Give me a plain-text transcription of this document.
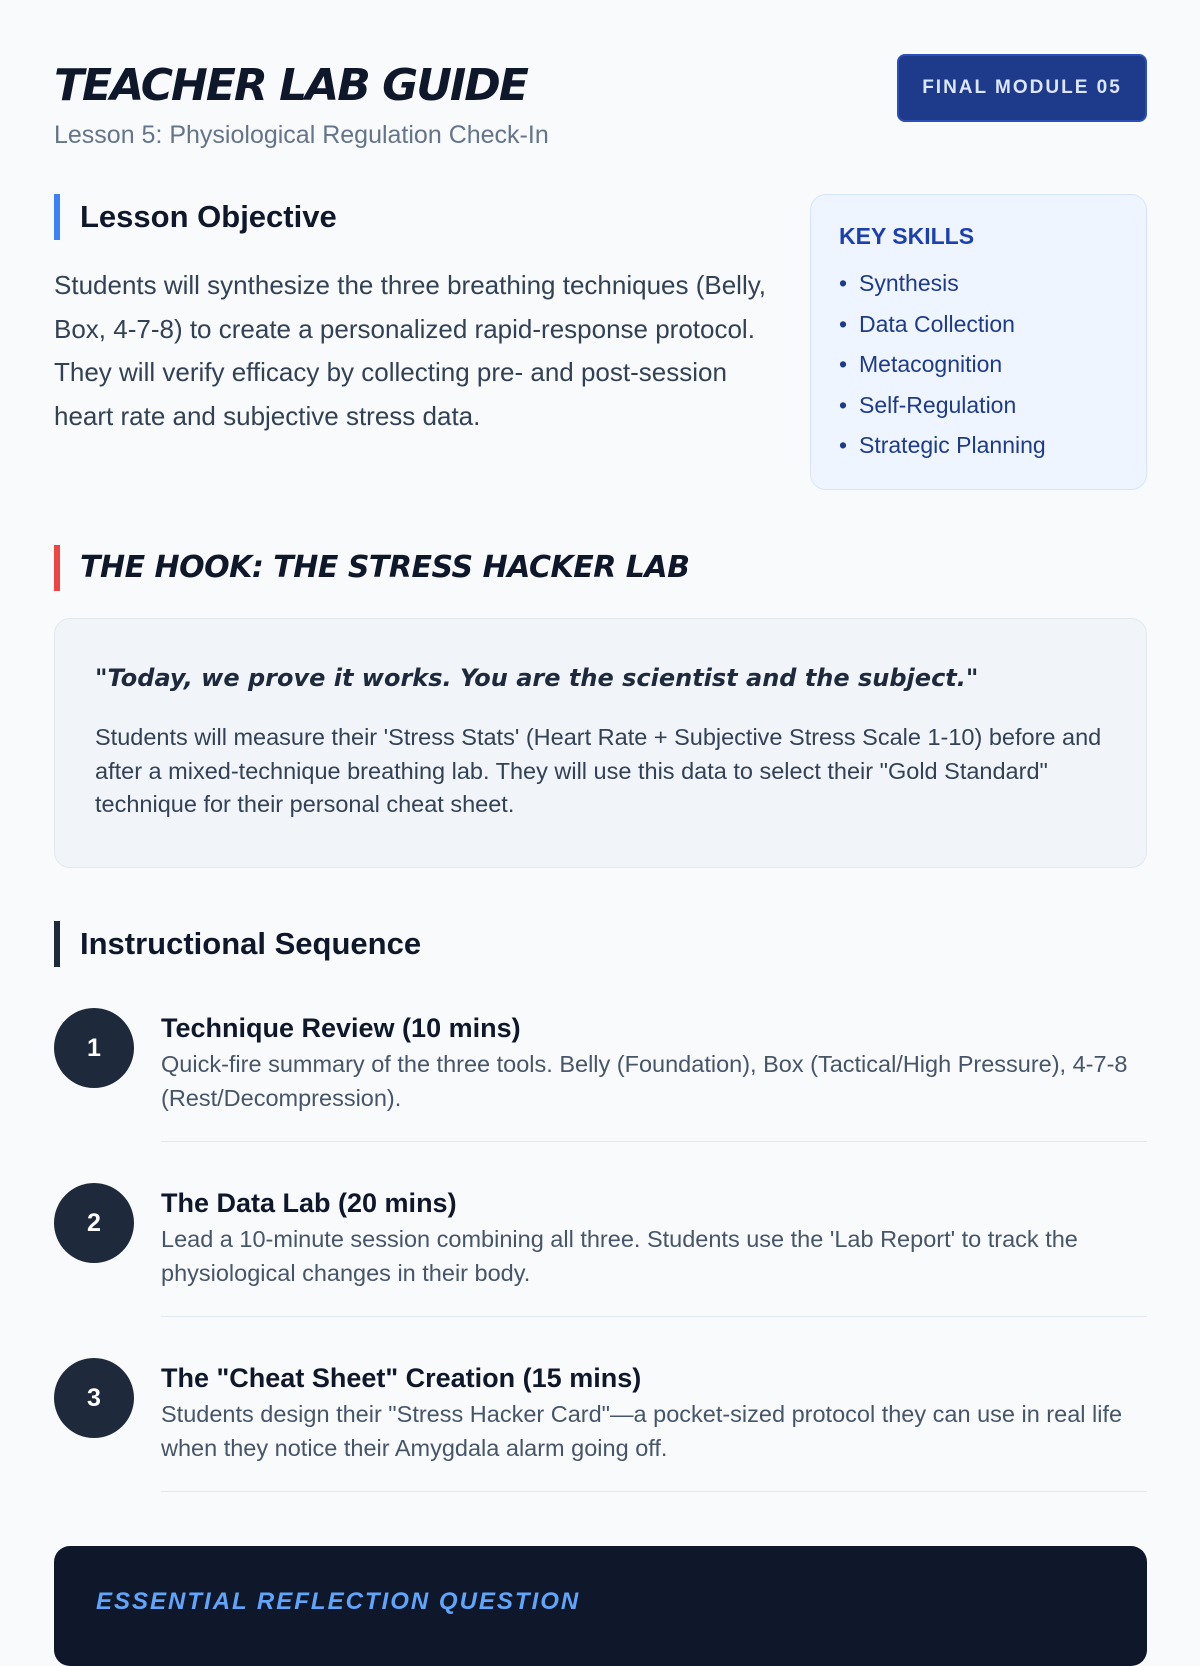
TEACHER LAB GUIDE
Lesson 5: Physiological Regulation Check-In
FINAL MODULE 05
Lesson Objective

Students will synthesize the three breathing techniques (Belly, Box, 4-7-8) to create a personalized rapid-response protocol. They will verify efficacy by collecting pre- and post-session heart rate and subjective stress data.

KEY SKILLS
• Synthesis
• Data Collection
• Metacognition
• Self-Regulation
• Strategic Planning
THE HOOK: THE STRESS HACKER LAB

"Today, we prove it works. You are the scientist and the subject."

Students will measure their 'Stress Stats' (Heart Rate + Subjective Stress Scale 1-10) before and after a mixed-technique breathing lab. They will use this data to select their "Gold Standard" technique for their personal cheat sheet.

Instructional Sequence
1
Technique Review (10 mins)

Quick-fire summary of the three tools. Belly (Foundation), Box (Tactical/High Pressure), 4-7-8 (Rest/Decompression).

2
The Data Lab (20 mins)

Lead a 10-minute session combining all three. Students use the 'Lab Report' to track the physiological changes in their body.

3
The "Cheat Sheet" Creation (15 mins)

Students design their "Stress Hacker Card"—a pocket-sized protocol they can use in real life when they notice their Amygdala alarm going off.

ESSENTIAL REFLECTION QUESTION
